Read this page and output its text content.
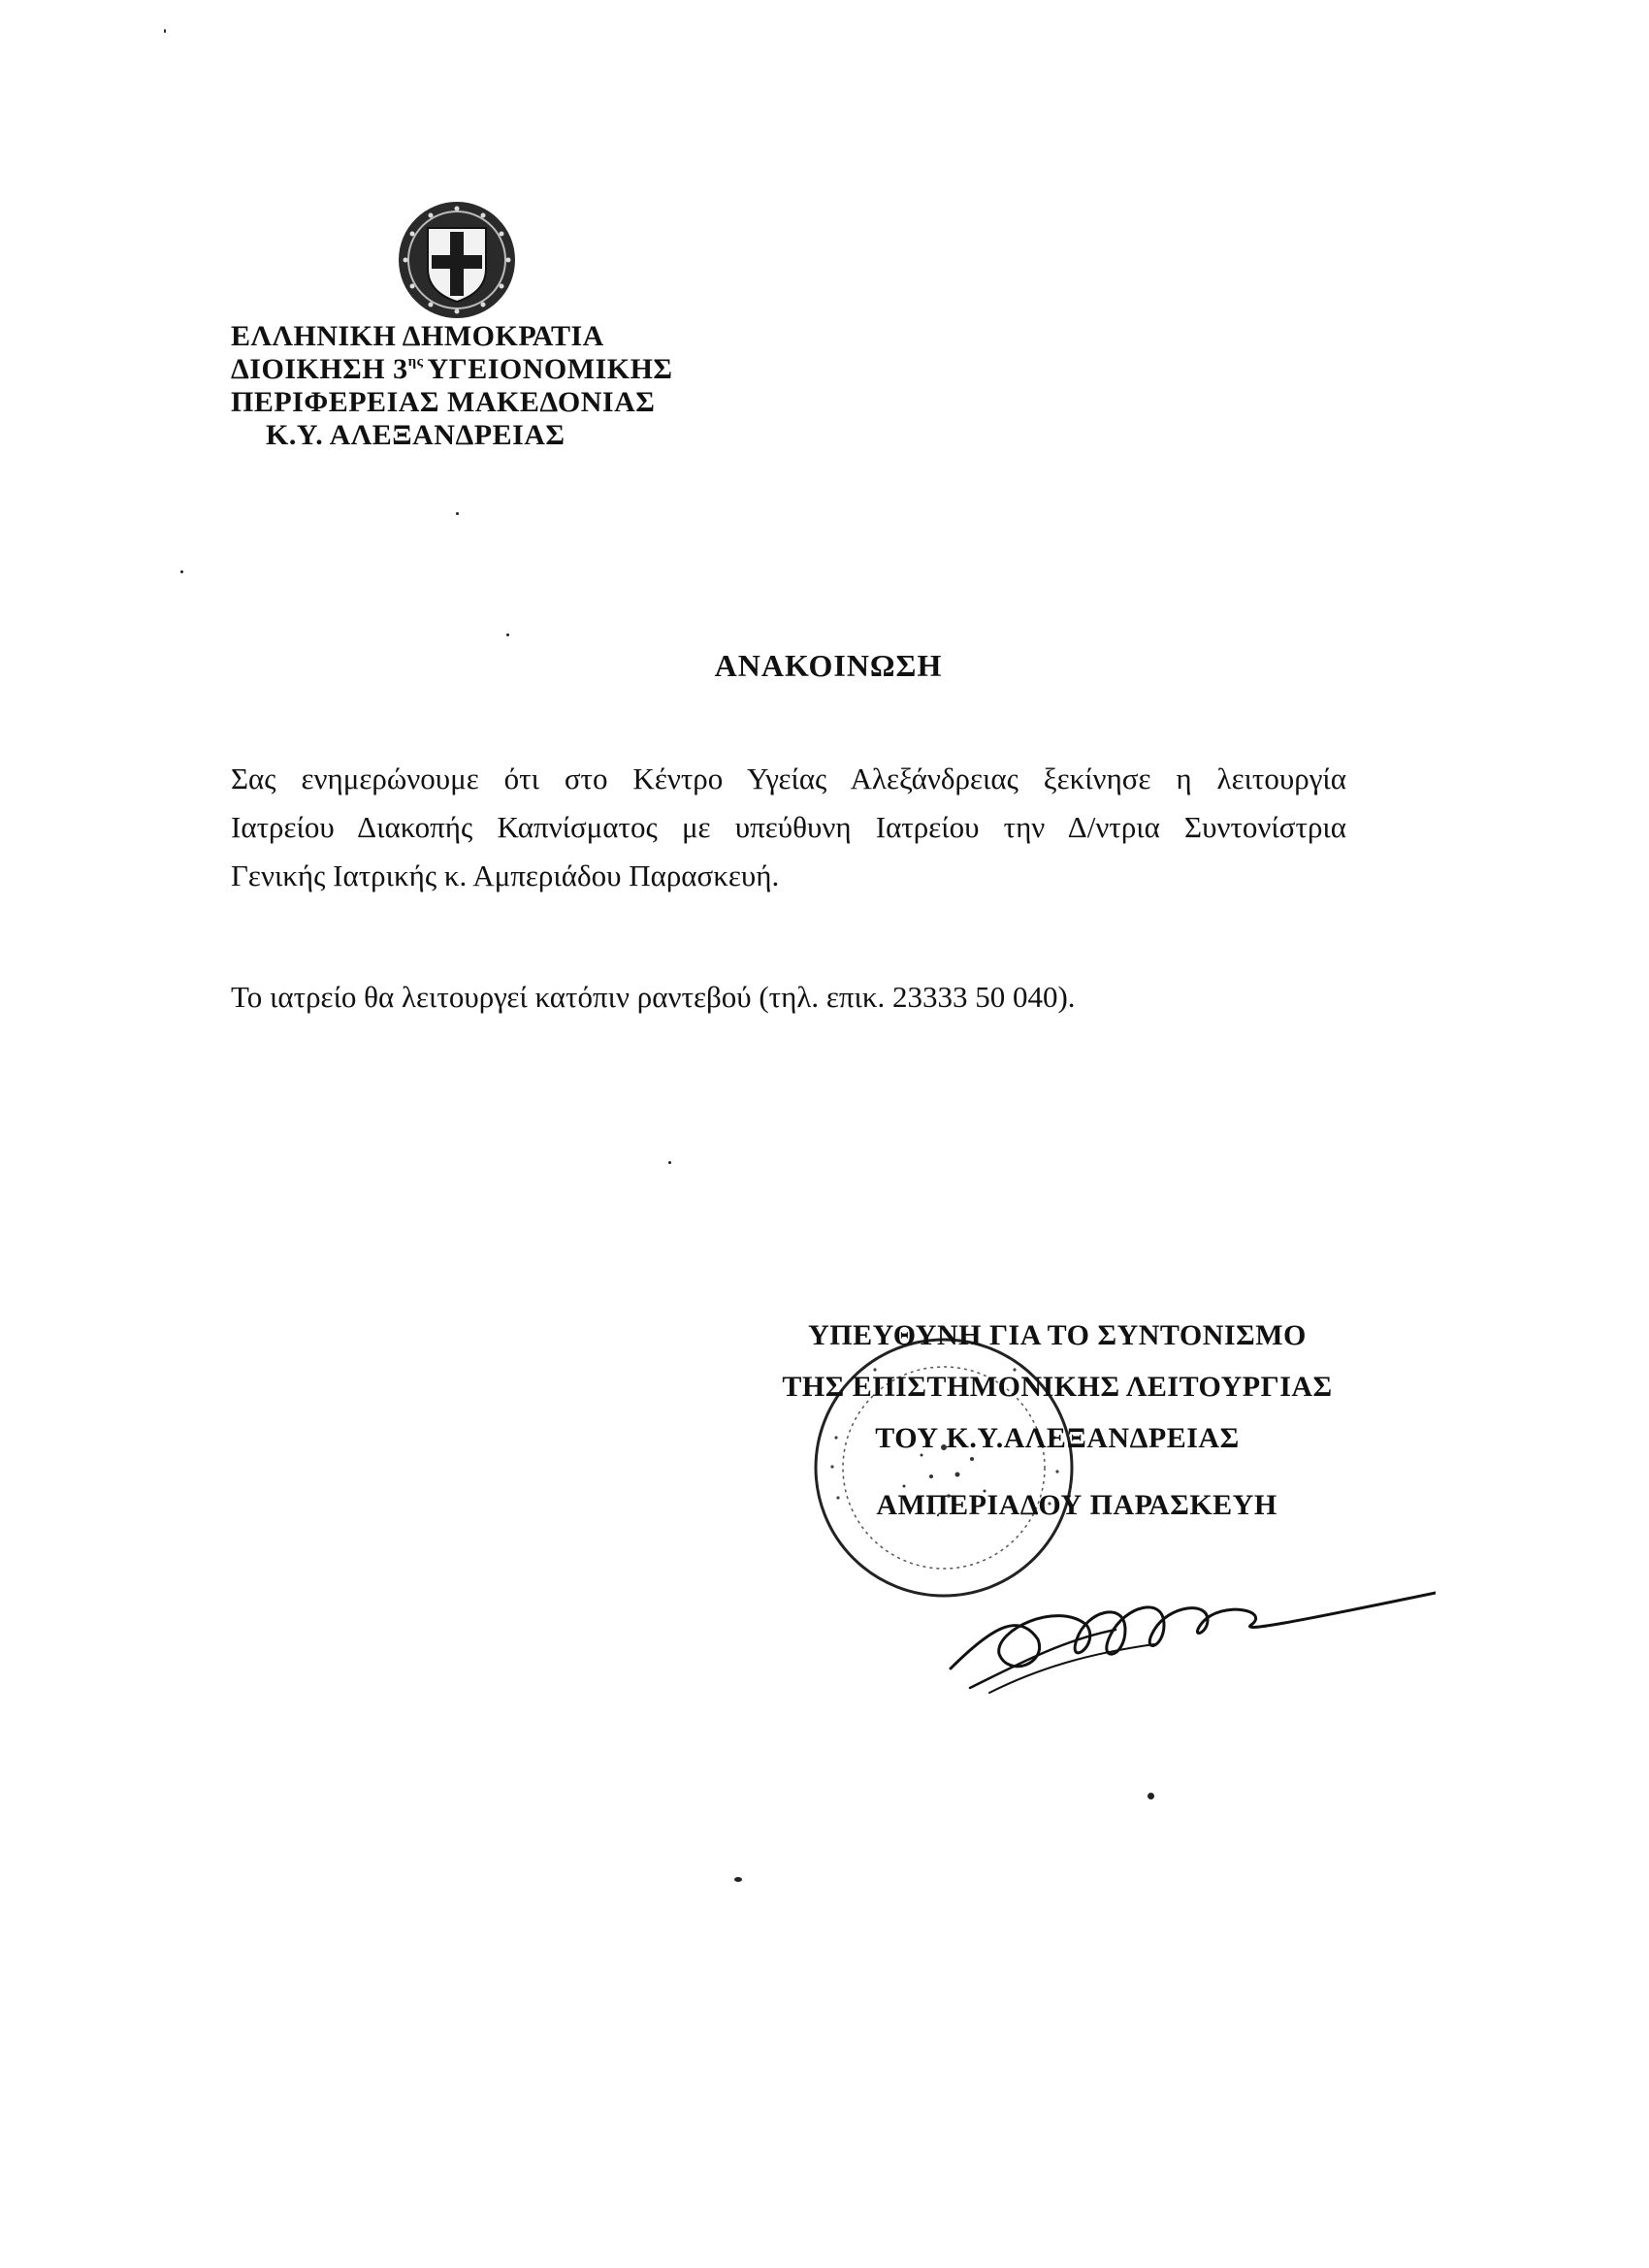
ΕΛΛΗΝΙΚΗ ΔΗΜΟΚΡΑΤΙΑ
ΔΙΟΙΚΗΣΗ $3^{\eta\varsigma}$ ΥΓΕΙΟΝΟΜΙΚΗΣ
ΠΕΡΙΦΕΡΕΙΑΣ ΜΑΚΕΔΟΝΙΑΣ
Κ.Υ. ΑΛΕΞΑΝΔΡΕΙΑΣ
ΑΝΑΚΟΙΝΩΣΗ
Σας ενημερώνουμε ότι στο Κέντρο Υγείας Αλεξάνδρειας ξεκίνησε η λειτουργία
Ιατρείου Διακοπής Καπνίσματος με υπεύθυνη Ιατρείου την Δ/ντρια Συντονίστρια
Γενικής Ιατρικής κ. Αμπεριάδου Παρασκευή.
Το ιατρείο θα λειτουργεί κατόπιν ραντεβού (τηλ. επικ. 23333 50 040).
ΥΠΕΥΘΥΝΗ ΓΙΑ ΤΟ ΣΥΝΤΟΝΙΣΜΟ
ΤΗΣ ΕΠΙΣΤΗΜΟΝΙΚΗΣ ΛΕΙΤΟΥΡΓΙΑΣ
ΤΟΥ Κ.Υ.ΑΛΕΞΑΝΔΡΕΙΑΣ
ΑΜΠΕΡΙΑΔΟΥ ΠΑΡΑΣΚΕΥΗ
